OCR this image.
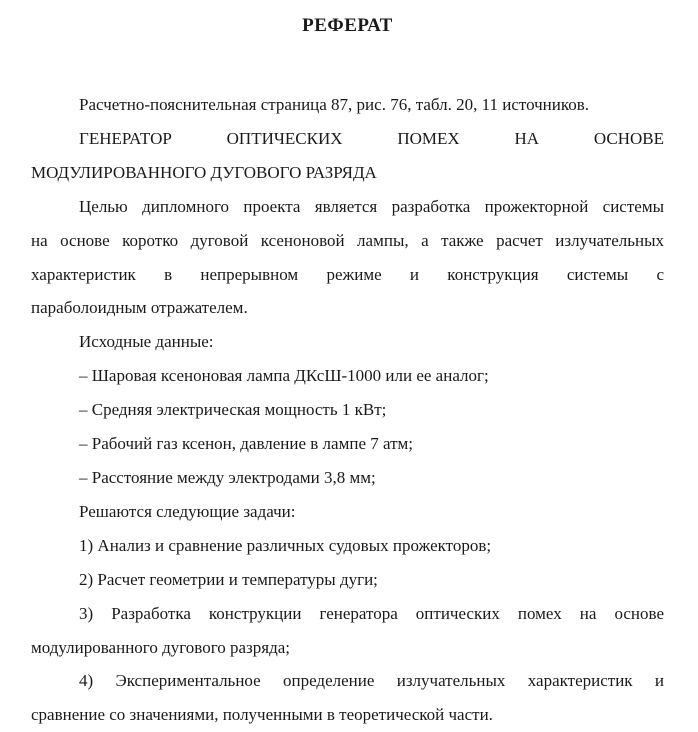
РЕФЕРАТ
Расчетно-пояснительная страница 87, рис. 76, табл. 20, 11 источников.
ГЕНЕРАТОР ОПТИЧЕСКИХ ПОМЕХ НА ОСНОВЕ
МОДУЛИРОВАННОГО ДУГОВОГО РАЗРЯДА
Целью дипломного проекта является разработка прожекторной системы
на основе коротко дуговой ксеноновой лампы, а также расчет излучательных
характеристик в непрерывном режиме и конструкция системы с
параболоидным отражателем.
Исходные данные:
– Шаровая ксеноновая лампа ДКсШ-1000 или ее аналог;
– Средняя электрическая мощность 1 кВт;
– Рабочий газ ксенон, давление в лампе 7 атм;
– Расстояние между электродами 3,8 мм;
Решаются следующие задачи:
1) Анализ и сравнение различных судовых прожекторов;
2) Расчет геометрии и температуры дуги;
3) Разработка конструкции генератора оптических помех на основе
модулированного дугового разряда;
4) Экспериментальное определение излучательных характеристик и
сравнение со значениями, полученными в теоретической части.
